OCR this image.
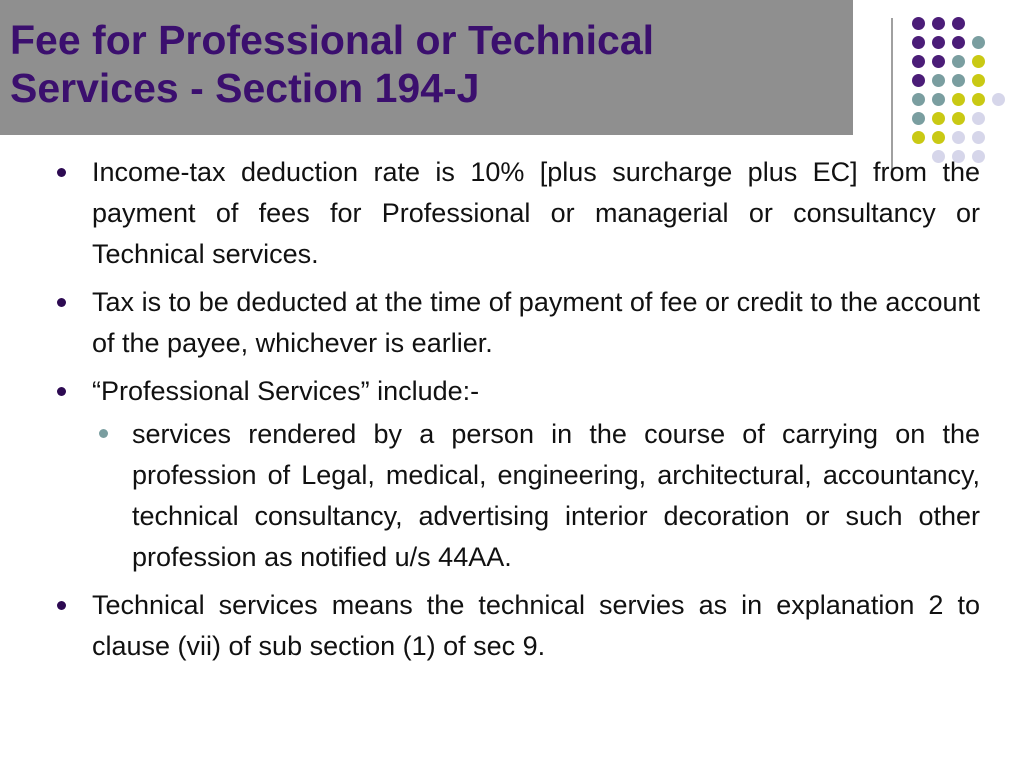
Fee for Professional or Technical
Services - Section 194-J
Income-tax deduction rate is 10% [plus surcharge plus EC] from the payment of fees for Professional or managerial or consultancy or Technical services.
Tax is to be deducted at the time of payment of fee or credit to the account of the payee, whichever is earlier.
“Professional Services” include:-
services rendered by a person in the course of carrying on the profession of Legal, medical, engineering, architectural, accountancy, technical consultancy, advertising interior decoration or such other profession as notified u/s 44AA.
Technical services means the technical servies as in explanation 2 to clause (vii) of sub section (1) of sec 9.
